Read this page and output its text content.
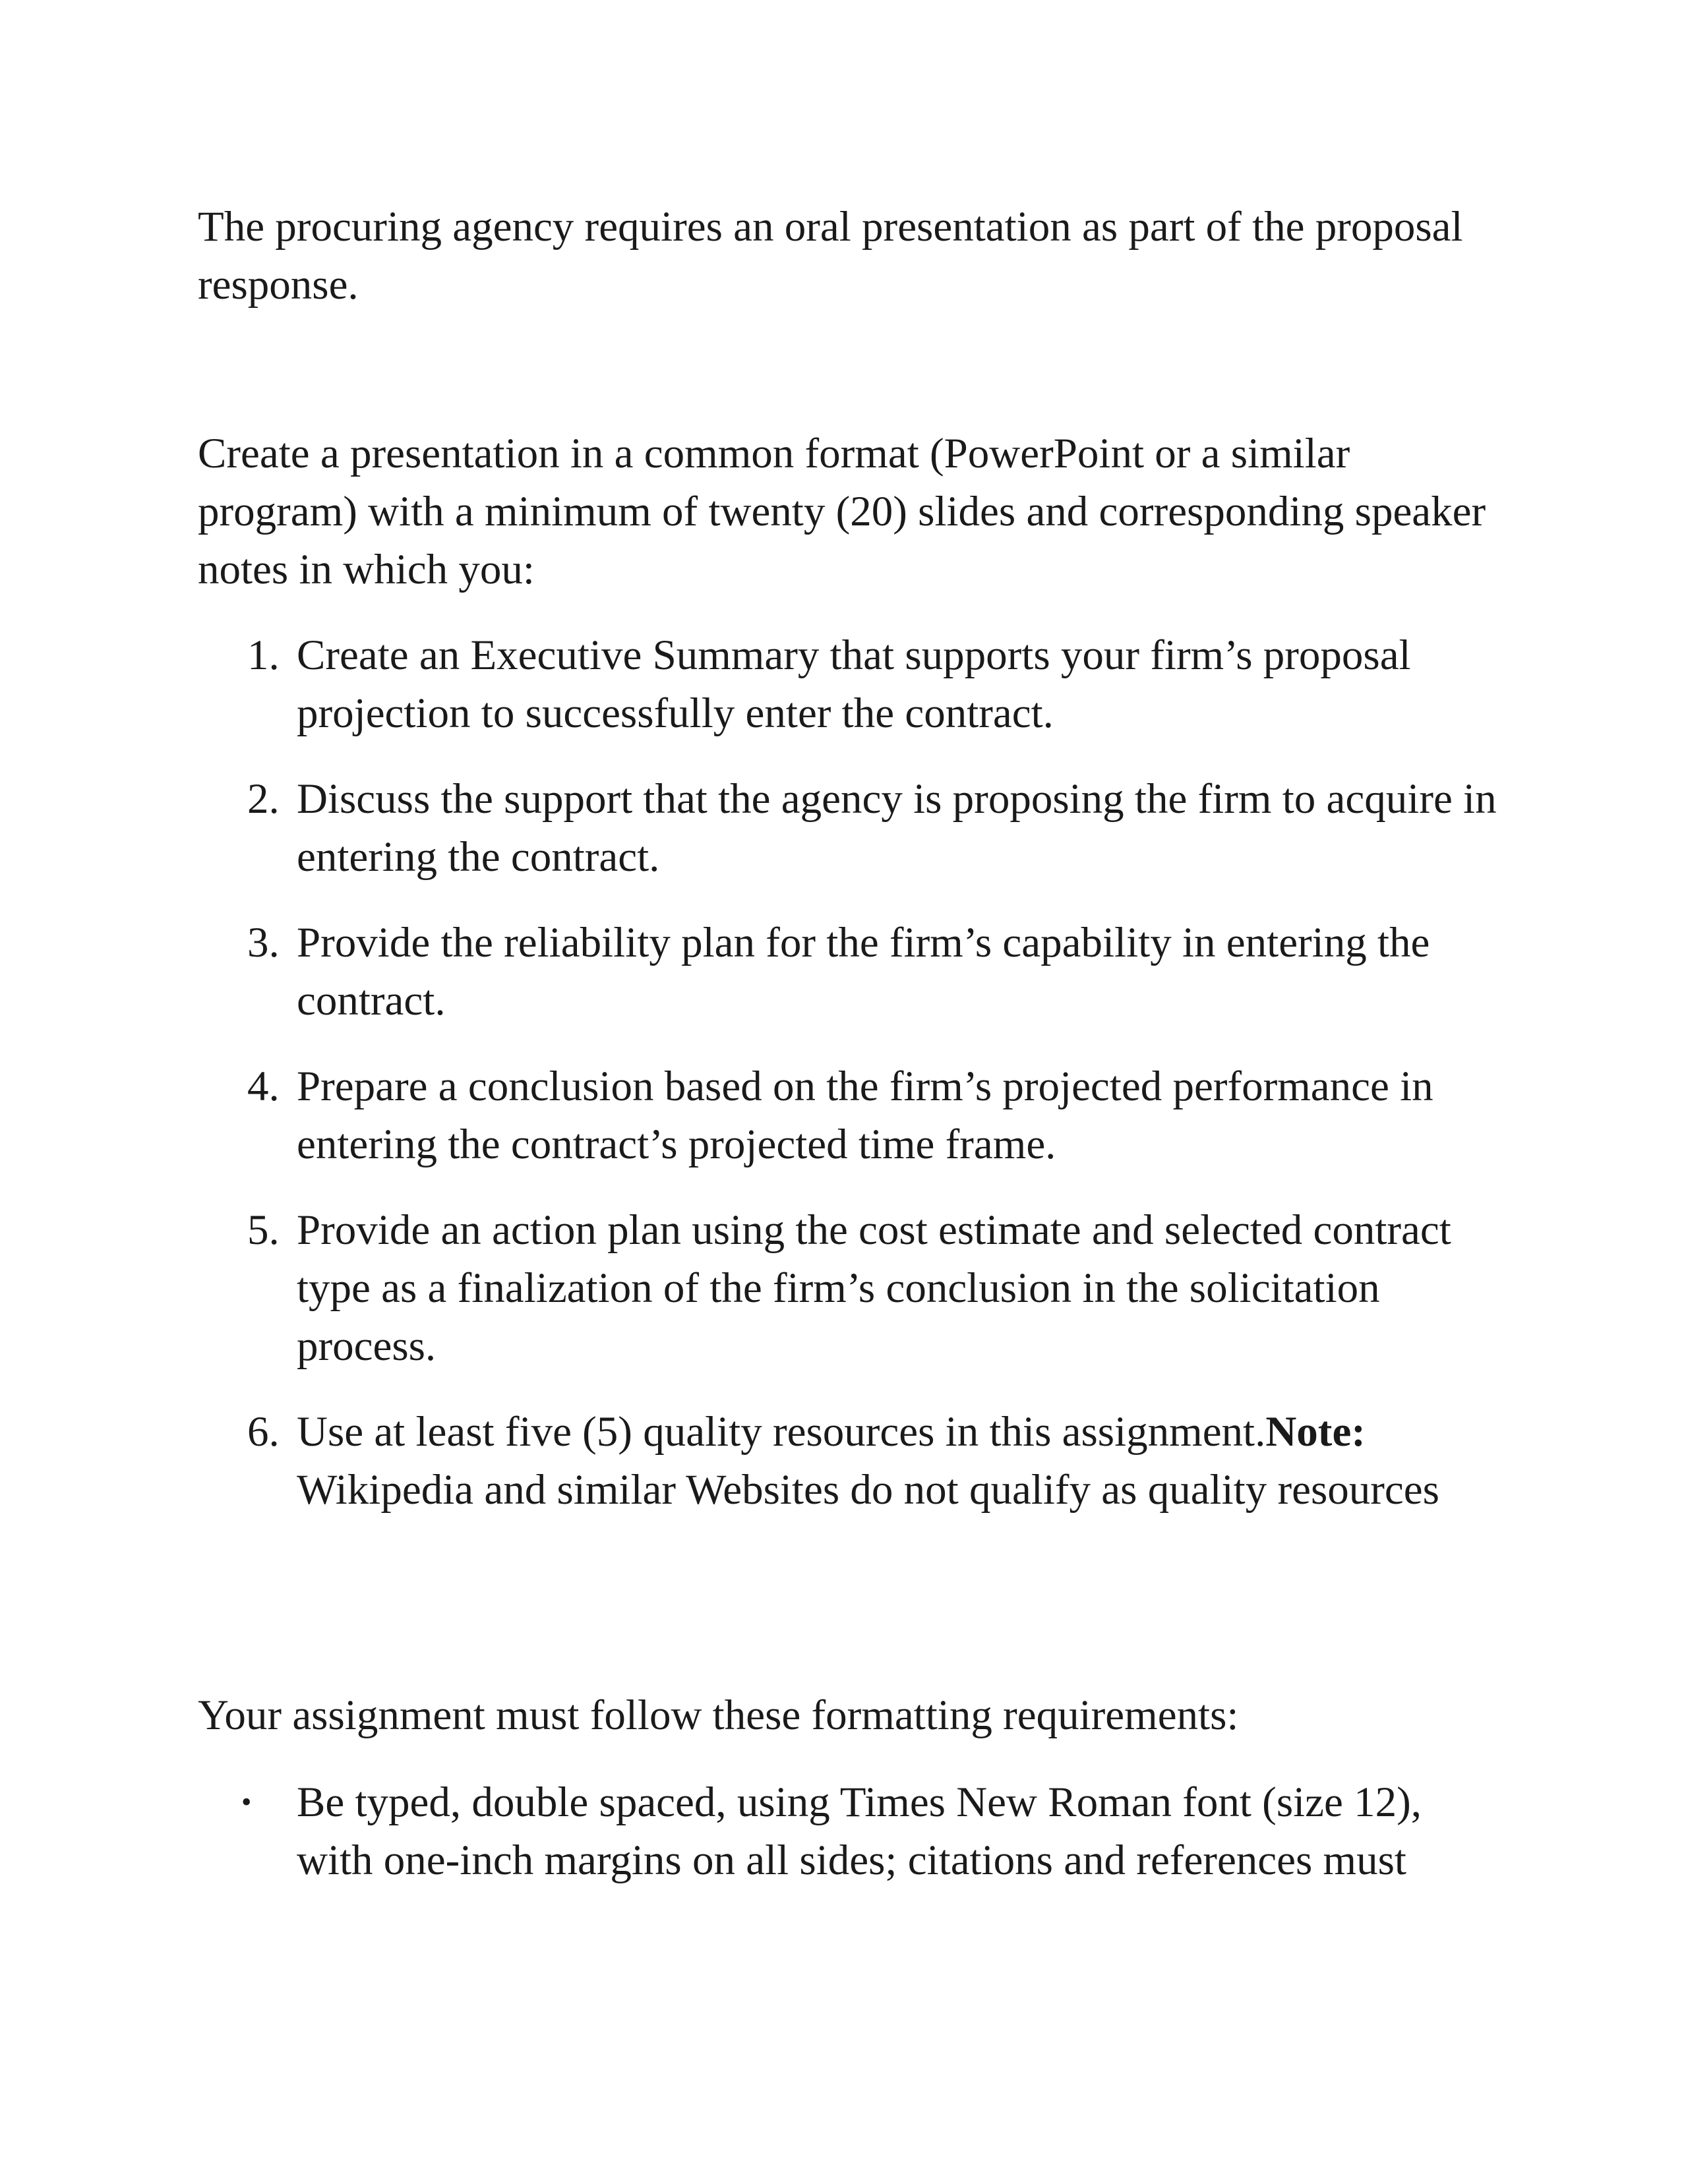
The procuring agency requires an oral presentation as part of the proposal response.

Create a presentation in a common format (PowerPoint or a similar program) with a minimum of twenty (20) slides and corresponding speaker notes in which you:

1. Create an Executive Summary that supports your firm’s proposal projection to successfully enter the contract.
2. Discuss the support that the agency is proposing the firm to acquire in entering the contract.
3. Provide the reliability plan for the firm’s capability in entering the contract.
4. Prepare a conclusion based on the firm’s projected performance in entering the contract’s projected time frame.
5. Provide an action plan using the cost estimate and selected contract type as a finalization of the firm’s conclusion in the solicitation process.
6. Use at least five (5) quality resources in this assignment.Note: Wikipedia and similar Websites do not qualify as quality resources

Your assignment must follow these formatting requirements:

• Be typed, double spaced, using Times New Roman font (size 12), with one-inch margins on all sides; citations and references must
